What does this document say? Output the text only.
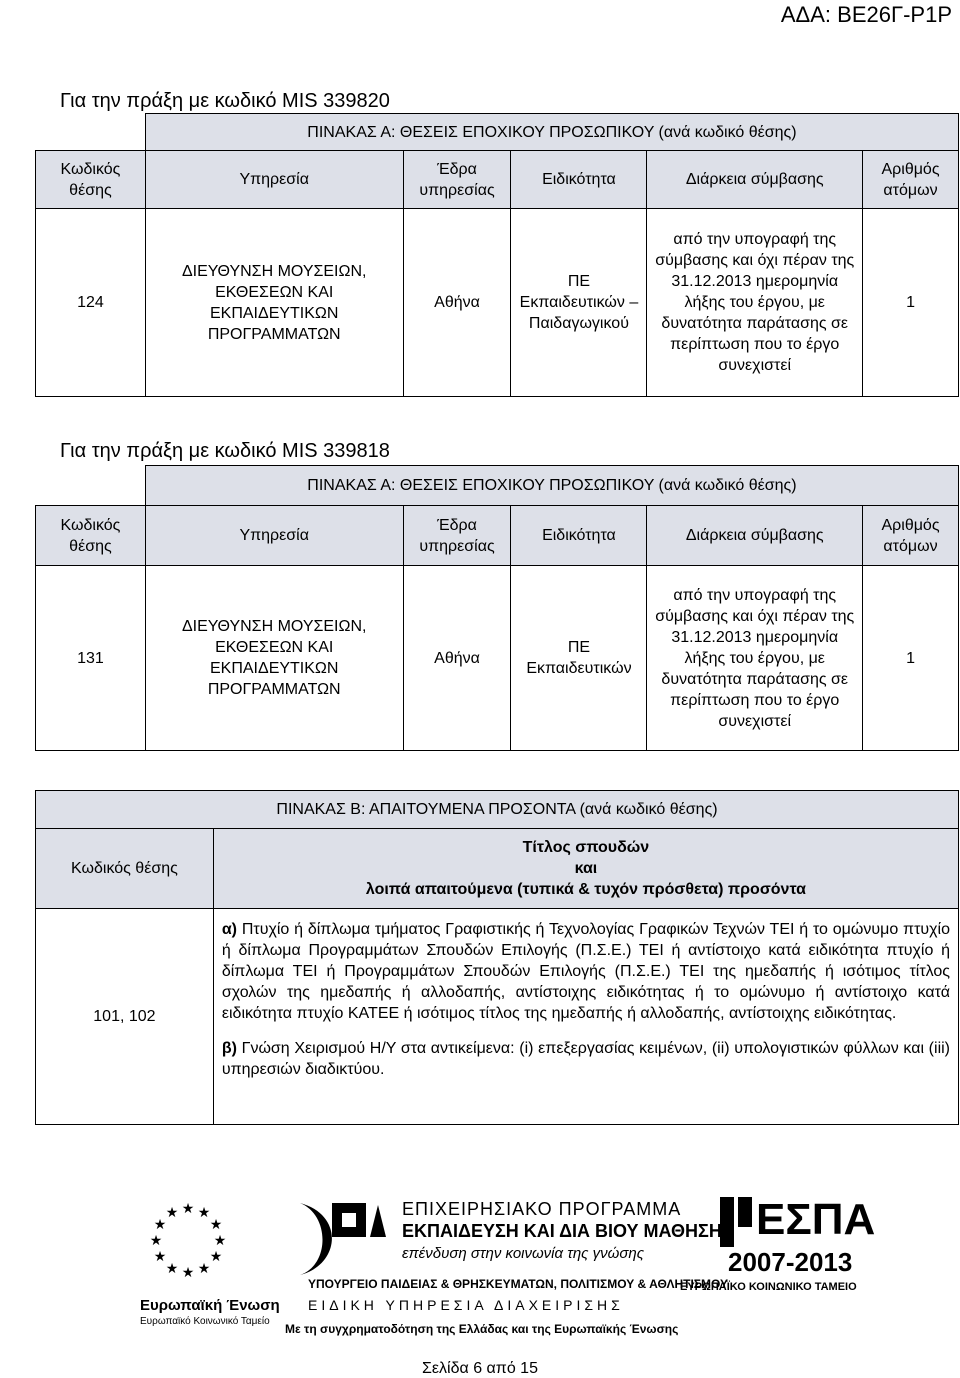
ΑΔΑ: ΒΕ26Γ-Ρ1Ρ
Για την πράξη με κωδικό MIS 339820
	ΠΙΝΑΚΑΣ Α: ΘΕΣΕΙΣ ΕΠΟΧΙΚΟΥ ΠΡΟΣΩΠΙΚΟΥ (ανά κωδικό θέσης)				
Κωδικός θέσης	Υπηρεσία	Έδρα υπηρεσίας	Ειδικότητα	Διάρκεια σύμβασης	Αριθμός ατόμων
124	ΔΙΕΥΘΥΝΣΗ ΜΟΥΣΕΙΩΝ, ΕΚΘΕΣΕΩΝ ΚΑΙ ΕΚΠΑΙΔΕΥΤΙΚΩΝ ΠΡΟΓΡΑΜΜΑΤΩΝ	Αθήνα	ΠΕ Εκπαιδευτικών – Παιδαγωγικού	από την υπογραφή της σύμβασης και όχι πέραν της 31.12.2013 ημερομηνία λήξης του έργου, με δυνατότητα παράτασης σε περίπτωση που το έργο συνεχιστεί	1
Για την πράξη με κωδικό MIS 339818
	ΠΙΝΑΚΑΣ Α: ΘΕΣΕΙΣ ΕΠΟΧΙΚΟΥ ΠΡΟΣΩΠΙΚΟΥ (ανά κωδικό θέσης)				
Κωδικός θέσης	Υπηρεσία	Έδρα υπηρεσίας	Ειδικότητα	Διάρκεια σύμβασης	Αριθμός ατόμων
131	ΔΙΕΥΘΥΝΣΗ ΜΟΥΣΕΙΩΝ, ΕΚΘΕΣΕΩΝ ΚΑΙ ΕΚΠΑΙΔΕΥΤΙΚΩΝ ΠΡΟΓΡΑΜΜΑΤΩΝ	Αθήνα	ΠΕ Εκπαιδευτικών	από την υπογραφή της σύμβασης και όχι πέραν της 31.12.2013 ημερομηνία λήξης του έργου, με δυνατότητα παράτασης σε περίπτωση που το έργο συνεχιστεί	1
ΠΙΝΑΚΑΣ Β: ΑΠΑΙΤΟΥΜΕΝΑ ΠΡΟΣΟΝΤΑ (ανά κωδικό θέσης)	
Κωδικός θέσης	Τίτλος σπουδών
και
λοιπά απαιτούμενα (τυπικά & τυχόν πρόσθετα) προσόντα

101, 102	α) Πτυχίο ή δίπλωμα τμήματος Γραφιστικής ή Τεχνολογίας Γραφικών Τεχνών ΤΕΙ ή το ομώνυμο πτυχίο ή δίπλωμα Προγραμμάτων Σπουδών Επιλογής (Π.Σ.Ε.) ΤΕΙ ή αντίστοιχο κατά ειδικότητα πτυχίο ή δίπλωμα ΤΕΙ ή Προγραμμάτων Σπουδών Επιλογής (Π.Σ.Ε.) ΤΕΙ της ημεδαπής ή ισότιμος τίτλος σχολών της ημεδαπής ή αλλοδαπής, αντίστοιχης ειδικότητας ή το ομώνυμο ή αντίστοιχο κατά ειδικότητα πτυχίο ΚΑΤΕΕ ή ισότιμος τίτλος της ημεδαπής ή αλλοδαπής, αντίστοιχης ειδικότητας.
β) Γνώση Χειρισμού Η/Υ στα αντικείμενα: (i) επεξεργασίας κειμένων, (ii) υπολογιστικών φύλλων και (iii) υπηρεσιών διαδικτύου.
★ ★
★
★
★
★
★
★
★
★
★
★
Ευρωπαϊκή Ένωση
Ευρωπαϊκό Κοινωνικό Ταμείο
ΕΠΙΧΕΙΡΗΣΙΑΚΟ ΠΡΟΓΡΑΜΜΑ
ΕΚΠΑΙΔΕΥΣΗ ΚΑΙ ΔΙΑ ΒΙΟΥ ΜΑΘΗΣΗ
επένδυση στην κοινωνία της γνώσης
ΥΠΟΥΡΓΕΙΟ ΠΑΙΔΕΙΑΣ & ΘΡΗΣΚΕΥΜΑΤΩΝ, ΠΟΛΙΤΙΣΜΟΥ & ΑΘΛΗΤΙΣΜΟΥ
ΕΙΔΙΚΗ ΥΠΗΡΕΣΙΑ ΔΙΑΧΕΙΡΙΣΗΣ
Με τη συγχρηματοδότηση της Ελλάδας και της Ευρωπαϊκής Ένωσης
ΕΣΠΑ
2007-2013
ΕΥΡΩΠΑΪΚΟ ΚΟΙΝΩΝΙΚΟ ΤΑΜΕΙΟ
Σελίδα 6 από 15
